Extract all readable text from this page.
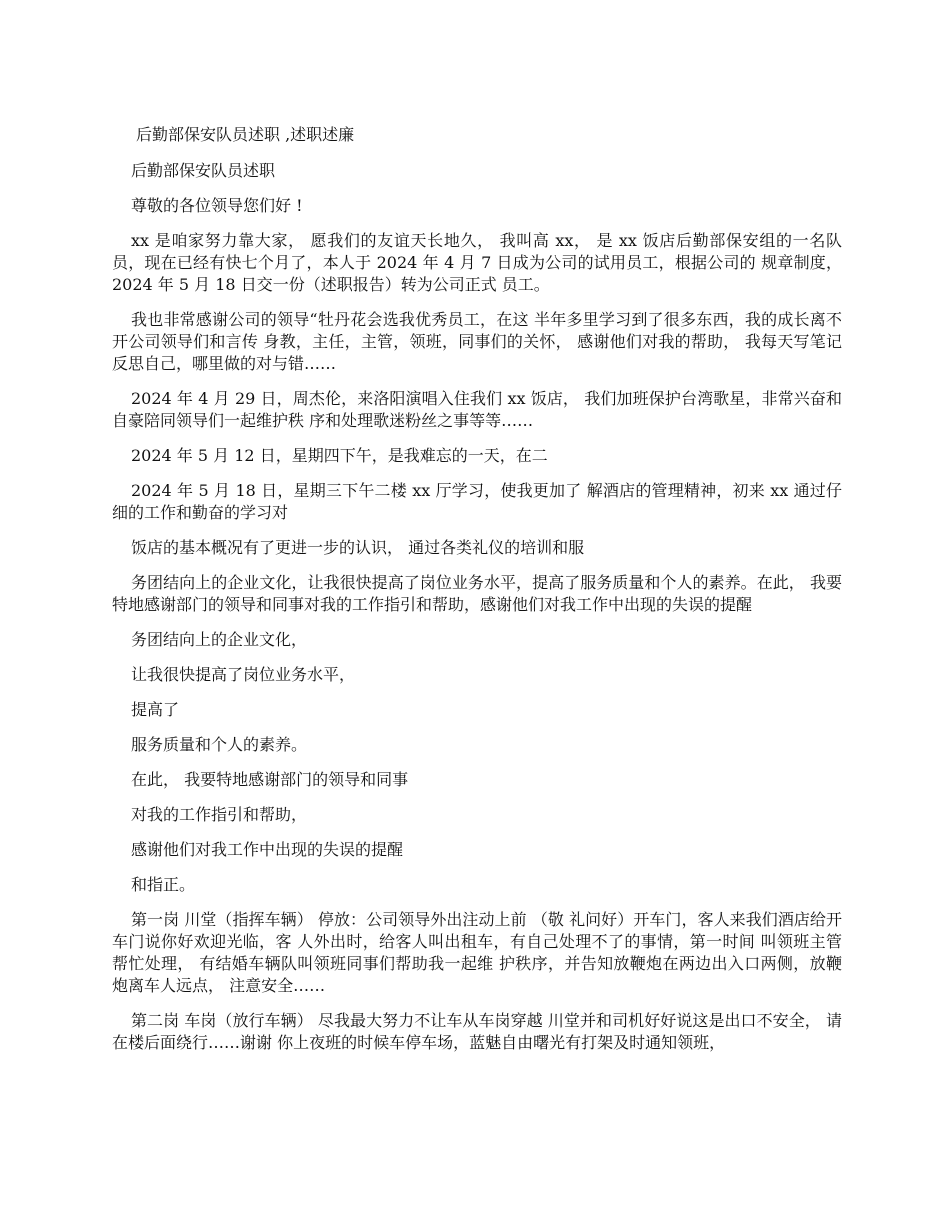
后勤部保安队员述职 ,述职述廉

后勤部保安队员述职

尊敬的各位领导您们好 !

xx 是咱家努力靠大家， 愿我们的友谊天长地久， 我叫高 xx， 是 xx 饭店后勤部保安组的一名队员，现在已经有快七个月了，本人于 2024 年 4 月 7 日成为公司的试用员工，根据公司的 规章制度， 2024 年 5 月 18 日交一份（述职报告）转为公司正式 员工。

我也非常感谢公司的领导“牡丹花会选我优秀员工，在这 半年多里学习到了很多东西，我的成长离不开公司领导们和言传 身教，主任，主管，领班，同事们的关怀， 感谢他们对我的帮助， 我每天写笔记反思自己，哪里做的对与错……

2024 年 4 月 29 日，周杰伦，来洛阳演唱入住我们 xx 饭店， 我们加班保护台湾歌星，非常兴奋和自豪陪同领导们一起维护秩 序和处理歌迷粉丝之事等等……

2024 年 5 月 12 日，星期四下午，是我难忘的一天，在二

2024 年 5 月 18 日，星期三下午二楼 xx 厅学习，使我更加了 解酒店的管理精神，初来 xx 通过仔细的工作和勤奋的学习对

饭店的基本概况有了更进一步的认识， 通过各类礼仪的培训和服

务团结向上的企业文化，让我很快提高了岗位业务水平，提高了服务质量和个人的素养。在此， 我要特地感谢部门的领导和同事对我的工作指引和帮助，感谢他们对我工作中出现的失误的提醒

务团结向上的企业文化，

让我很快提高了岗位业务水平，

提高了

服务质量和个人的素养。

在此， 我要特地感谢部门的领导和同事

对我的工作指引和帮助，

感谢他们对我工作中出现的失误的提醒

和指正。

第一岗 川堂（指挥车辆） 停放：公司领导外出注动上前 （敬 礼问好）开车门，客人来我们酒店给开车门说你好欢迎光临，客 人外出时，给客人叫出租车，有自己处理不了的事情，第一时间 叫领班主管帮忙处理， 有结婚车辆队叫领班同事们帮助我一起维 护秩序，并告知放鞭炮在两边出入口两侧，放鞭炮离车人远点， 注意安全……

第二岗 车岗（放行车辆） 尽我最大努力不让车从车岗穿越 川堂并和司机好好说这是出口不安全， 请在楼后面绕行……谢谢 你上夜班的时候车停车场，蓝魅自由曙光有打架及时通知领班，
